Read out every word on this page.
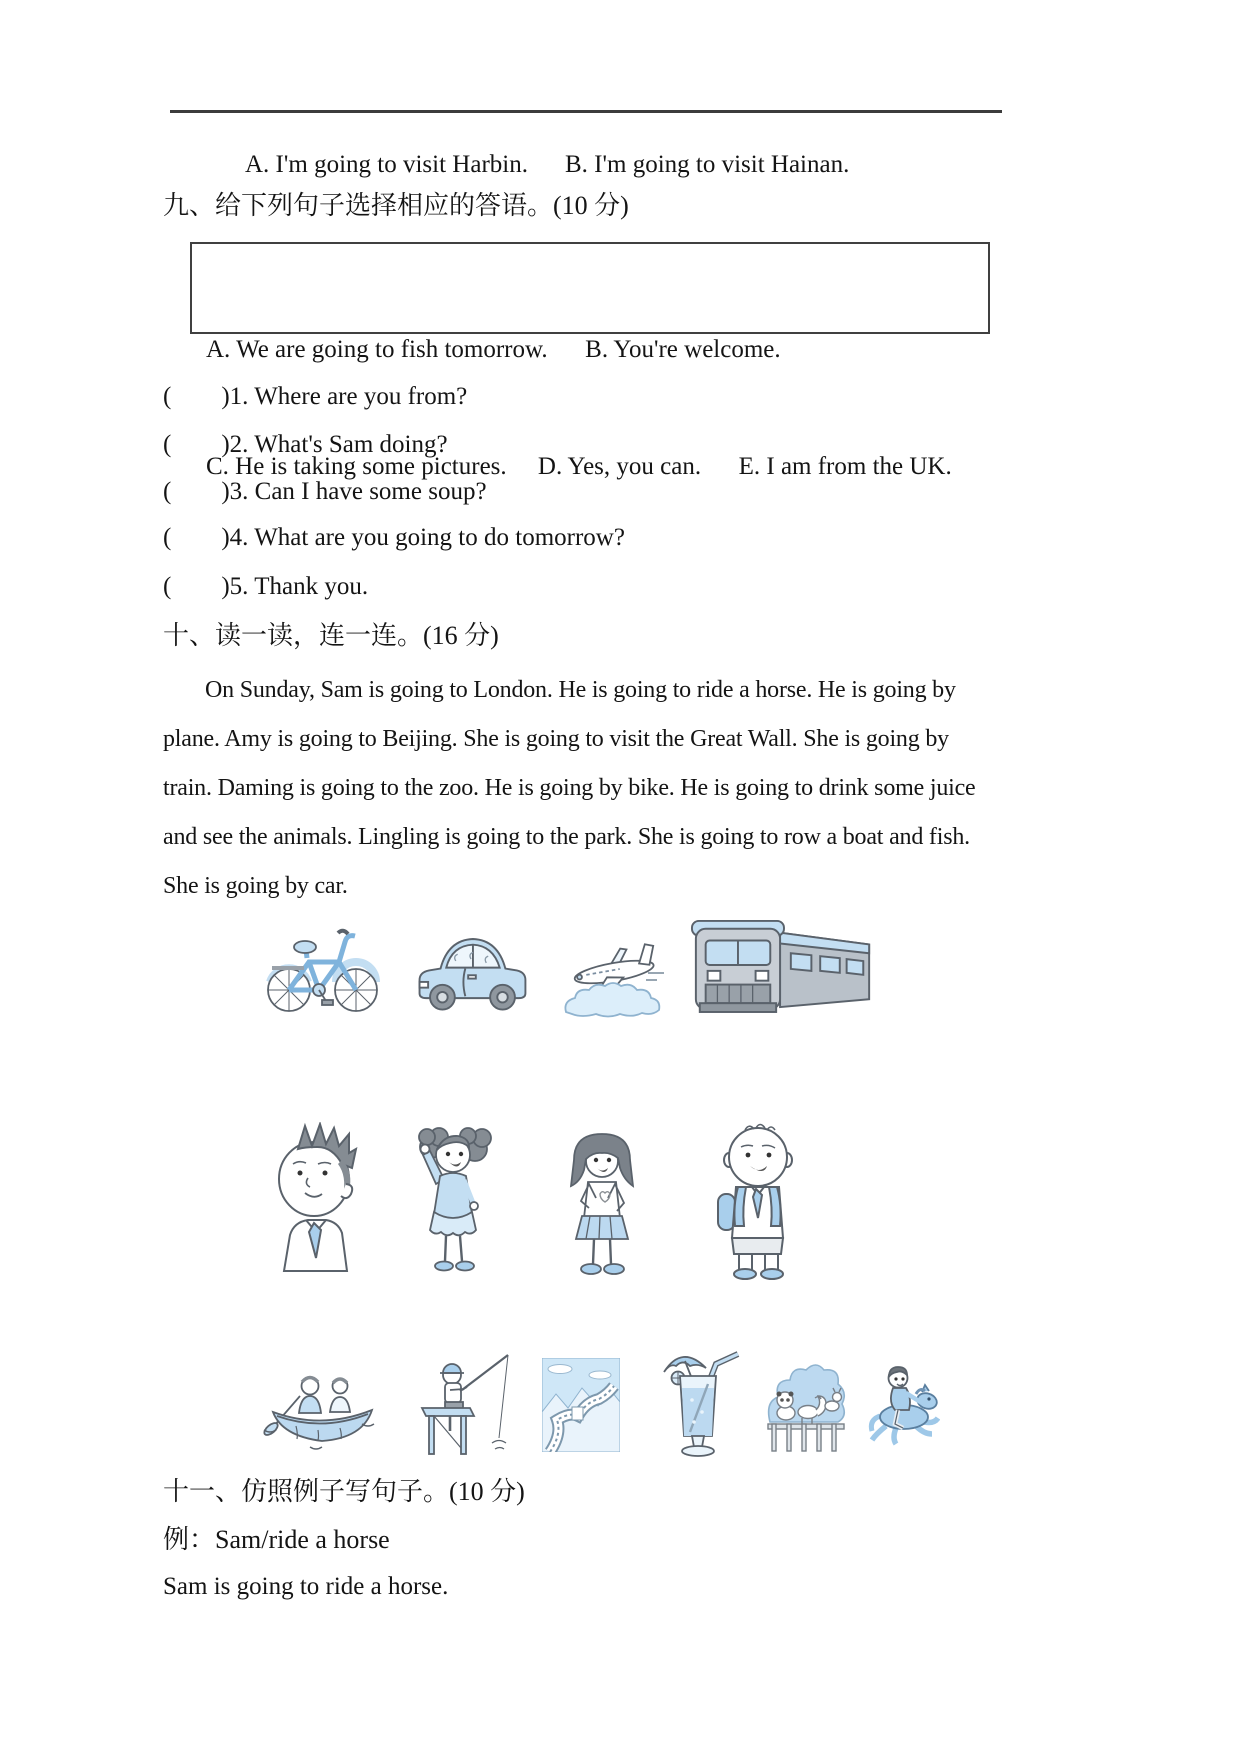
A. I'm going to visit Harbin. B. I'm going to visit Hainan.
九、给下列句子选择相应的答语。(10 分)

A. We are going to fish tomorrow.      B. You're welcome.

C. He is taking some pictures.     D. Yes, you can.      E. I am from the UK.

(        )1. Where are you from?
(        )2. What's Sam doing?
(        )3. Can I have some soup?
(        )4. What are you going to do tomorrow?
(        )5. Thank you.
十、读一读，连一连。(16 分)
On Sunday, Sam is going to London. He is going to ride a horse. He is going by
plane. Amy is going to Beijing. She is going to visit the Great Wall. She is going by
train. Daming is going to the zoo. He is going by bike. He is going to drink some juice
and see the animals. Lingling is going to the park. She is going to row a boat and fish.
She is going by car.
十一、仿照例子写句子。(10 分)
例：Sam/ride a horse
Sam is going to ride a horse.
